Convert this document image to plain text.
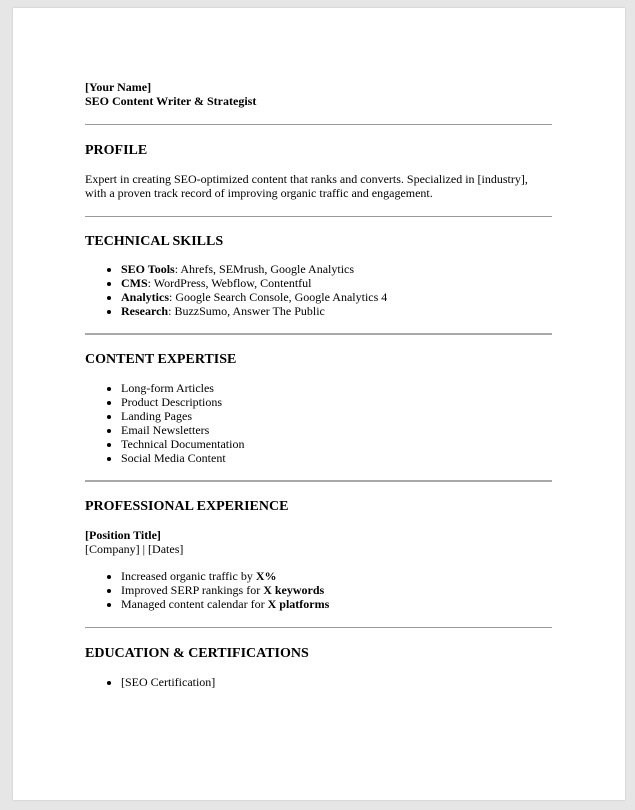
[Your Name]

SEO Content Writer & Strategist

PROFILE

Expert in creating SEO-optimized content that ranks and converts. Specialized in [industry], with a proven track record of improving organic traffic and engagement.

TECHNICAL SKILLS
• SEO Tools: Ahrefs, SEMrush, Google Analytics
• CMS: WordPress, Webflow, Contentful
• Analytics: Google Search Console, Google Analytics 4
• Research: BuzzSumo, Answer The Public
CONTENT EXPERTISE
• Long-form Articles
• Product Descriptions
• Landing Pages
• Email Newsletters
• Technical Documentation
• Social Media Content
PROFESSIONAL EXPERIENCE

[Position Title]

[Company] | [Dates]

• Increased organic traffic by X%
• Improved SERP rankings for X keywords
• Managed content calendar for X platforms
EDUCATION & CERTIFICATIONS
• [SEO Certification]
